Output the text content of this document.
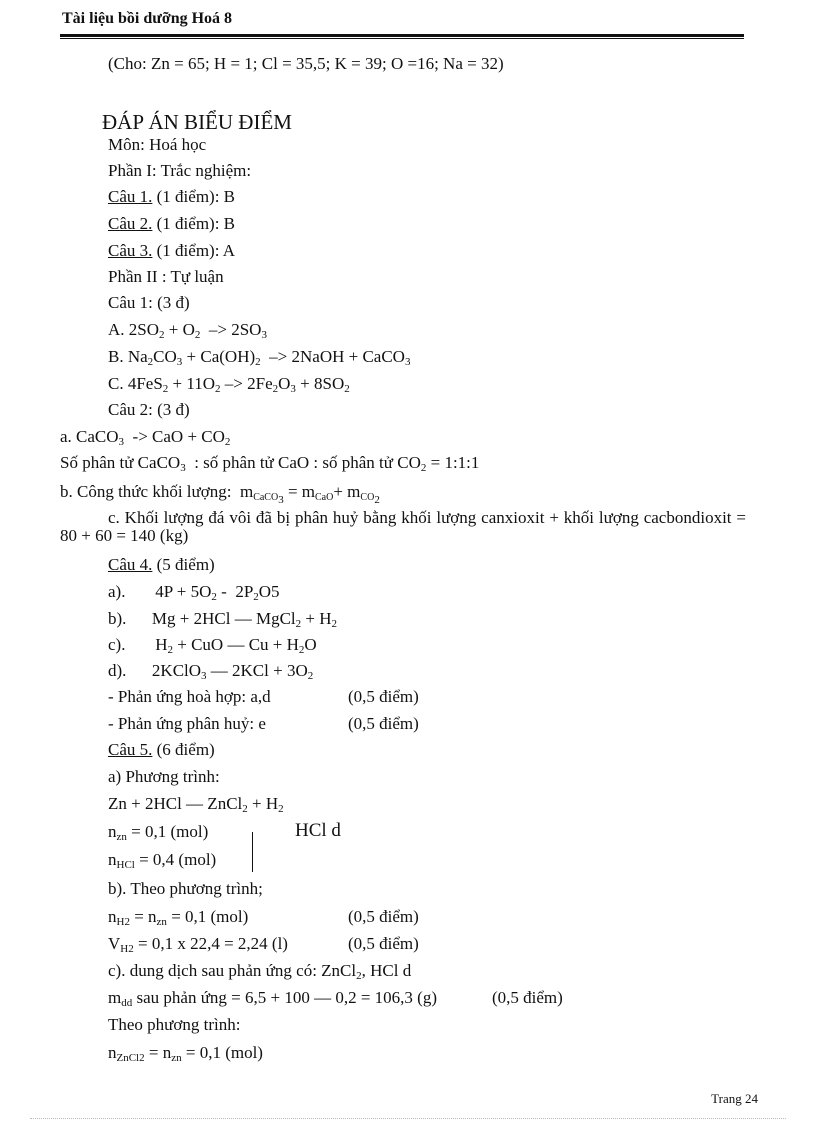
Tài liệu bồi dưỡng Hoá 8
(Cho: Zn = 65; H = 1; Cl = 35,5; K = 39; O =16; Na = 32)
ĐÁP ÁN BIỂU ĐIỂM
Môn: Hoá học
Phần I: Trắc nghiệm:
Câu 1. (1 điểm): B
Câu 2. (1 điểm): B
Câu 3. (1 điểm): A
Phần II : Tự luận
Câu 1: (3 đ)
A. $2SO_2 + O_2 -> 2SO_3$
B. $Na_2CO_3 + Ca(OH)_2$  –> 2NaOH + CaCO$_3$
C. $4FeS_2 + 11O_2 -> 2Fe_2O_3 + 8SO_2$
Câu 2: (3 đ)
a. CaCO$_3$  -> CaO + $CO_2$
Số phân tử CaCO$_3$  : số phân tử CaO : số phân tử $CO_2$ = 1:1:1
b. Công thức khối lượng:  $m_{CaCO_3} = m_{CaO}+ m_{CO_2}$
c. Khối lượng đá vôi đã bị phân huỷ bằng khối lượng canxioxit + khối lượng cacbondioxit = 80 + 60 = 140 (kg)
Câu 4. (5 điểm)
a).       $4P + 5O_2 - 2P_2O5$
b).      Mg + 2HCl — MgCl$_2$ + $H_2$
c).       $H_2$ + CuO — $Cu + H_2O$
d).      2KClO$_3$ — $2KCl + 3O_2$
- Phản ứng hoà hợp: a,d	(0,5 điểm)
- Phản ứng phân huỷ: e	(0,5 điểm)
Câu 5. (6 điểm)
a) Phương trình:
Zn + 2HCl — ZnCl$_2$ + $H_2$
$n_{zn} = 0,1$ (mol)	HCl d
$n_{HCl} = 0,4$ (mol)
b). Theo phương trình;
$n_{H2} = n_{zn} = 0,1$ (mol)	(0,5 điểm)
$V_{H2} = 0,1$ x 22,4 = 2,24 (l)	(0,5 điểm)
c). dung dịch sau phản ứng có: ZnCl$_2$, HCl d
$m_{dd}$ sau phản ứng = 6,5 + 100 — 0,2 = 106,3 (g)	(0,5 điểm)
Theo phương trình:
$n_{ZnCl2} = n_{zn} = 0,1$ (mol)
Trang 24
